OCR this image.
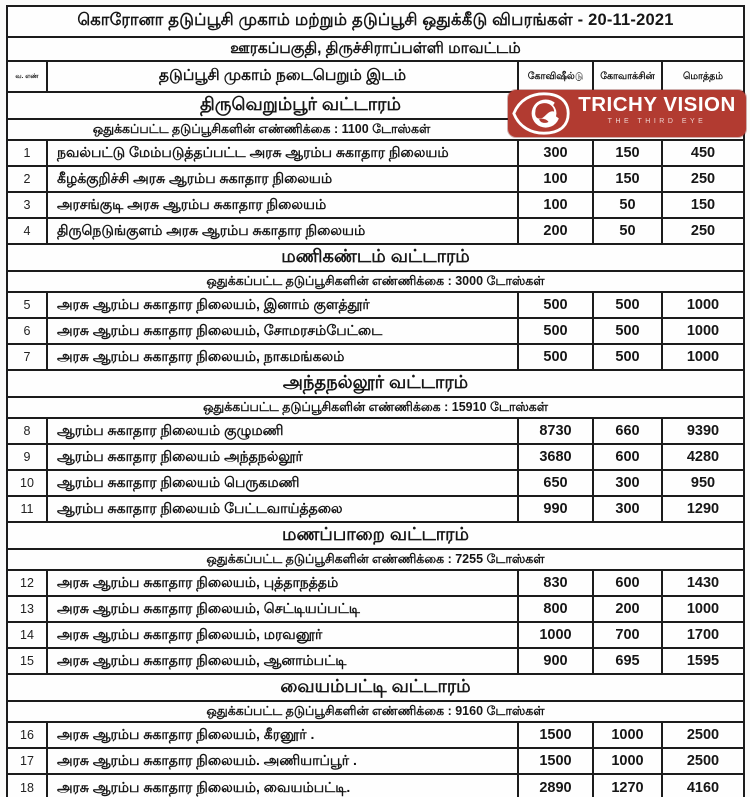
கொரோனா தடுப்பூசி முகாம் மற்றும் தடுப்பூசி ஒதுக்கீடு விபரங்கள் - 20-11-2021
ஊரகப்பகுதி, திருச்சிராப்பள்ளி மாவட்டம்
வ. எண்	தடுப்பூசி முகாம் நடைபெறும் இடம்	கோவிஷீல்டு	கோவாக்சின்	மொத்தம்
திருவெறும்பூர் வட்டாரம்
ஒதுக்கப்பட்ட தடுப்பூசிகளின் எண்ணிக்கை : 1100 டோஸ்கள்
1	நவல்பட்டு மேம்படுத்தப்பட்ட அரசு ஆரம்ப சுகாதார நிலையம்	300	150	450
2	கீழக்குறிச்சி அரசு ஆரம்ப சுகாதார நிலையம்	100	150	250
3	அரசங்குடி அரசு ஆரம்ப சுகாதார நிலையம்	100	50	150
4	திருநெடுங்குளம் அரசு ஆரம்ப சுகாதார நிலையம்	200	50	250
மணிகண்டம் வட்டாரம்
ஒதுக்கப்பட்ட தடுப்பூசிகளின் எண்ணிக்கை : 3000 டோஸ்கள்
5	அரசு ஆரம்ப சுகாதார நிலையம், இனாம் குளத்தூர்	500	500	1000
6	அரசு ஆரம்ப சுகாதார நிலையம், சோமரசம்பேட்டை	500	500	1000
7	அரசு ஆரம்ப சுகாதார நிலையம், நாகமங்கலம்	500	500	1000
அந்தநல்லூர் வட்டாரம்
ஒதுக்கப்பட்ட தடுப்பூசிகளின் எண்ணிக்கை : 15910 டோஸ்கள்
8	ஆரம்ப சுகாதார நிலையம் குழுமணி	8730	660	9390
9	ஆரம்ப சுகாதார நிலையம் அந்தநல்லூர்	3680	600	4280
10	ஆரம்ப சுகாதார நிலையம் பெருகமணி	650	300	950
11	ஆரம்ப சுகாதார நிலையம் பேட்டவாய்த்தலை	990	300	1290
மணப்பாறை வட்டாரம்
ஒதுக்கப்பட்ட தடுப்பூசிகளின் எண்ணிக்கை : 7255 டோஸ்கள்
12	அரசு ஆரம்ப சுகாதார நிலையம், புத்தாநத்தம்	830	600	1430
13	அரசு ஆரம்ப சுகாதார நிலையம், செட்டியப்பட்டி	800	200	1000
14	அரசு ஆரம்ப சுகாதார நிலையம், மரவனூர்	1000	700	1700
15	அரசு ஆரம்ப சுகாதார நிலையம், ஆனாம்பட்டி	900	695	1595
வையம்பட்டி வட்டாரம்
ஒதுக்கப்பட்ட தடுப்பூசிகளின் எண்ணிக்கை : 9160 டோஸ்கள்
16	அரசு ஆரம்ப சுகாதார நிலையம், கீரனூர் .	1500	1000	2500
17	அரசு ஆரம்ப சுகாதார நிலையம். அணியாப்பூர் .	1500	1000	2500
18	அரசு ஆரம்ப சுகாதார நிலையம், வையம்பட்டி.	2890	1270	4160
TRICHY VISION
THE THIRD EYE
